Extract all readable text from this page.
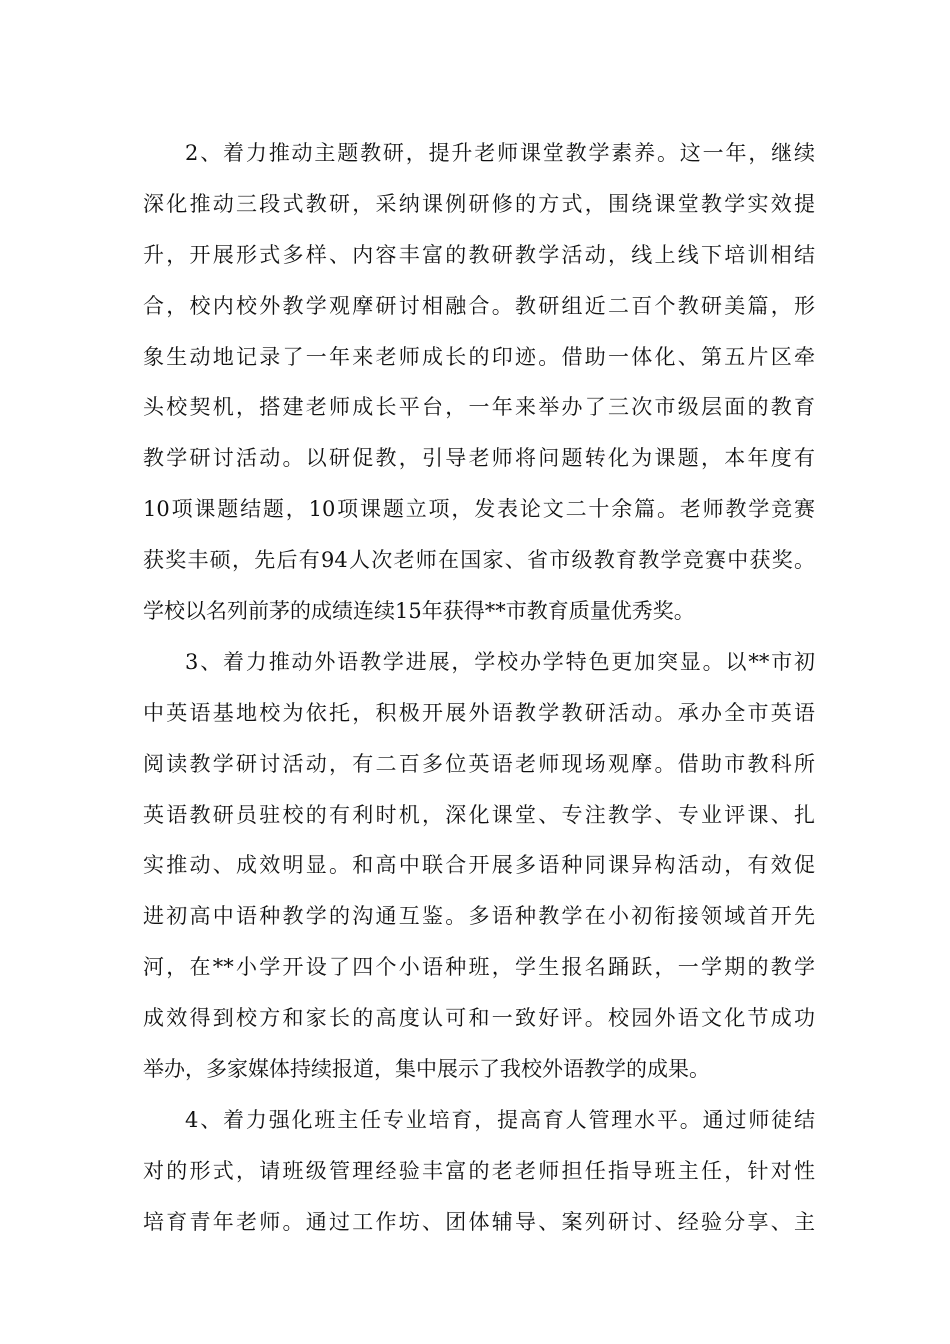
2、着力推动主题教研，提升老师课堂教学素养。这一年，继续
深化推动三段式教研，采纳课例研修的方式，围绕课堂教学实效提
升，开展形式多样、内容丰富的教研教学活动，线上线下培训相结
合，校内校外教学观摩研讨相融合。教研组近二百个教研美篇，形
象生动地记录了一年来老师成长的印迹。借助一体化、第五片区牵
头校契机，搭建老师成长平台，一年来举办了三次市级层面的教育
教学研讨活动。以研促教，引导老师将问题转化为课题，本年度有
10项课题结题，10项课题立项，发表论文二十余篇。老师教学竞赛
获奖丰硕，先后有94人次老师在国家、省市级教育教学竞赛中获奖。
学校以名列前茅的成绩连续15年获得**市教育质量优秀奖。
3、着力推动外语教学进展，学校办学特色更加突显。以**市初
中英语基地校为依托，积极开展外语教学教研活动。承办全市英语
阅读教学研讨活动，有二百多位英语老师现场观摩。借助市教科所
英语教研员驻校的有利时机，深化课堂、专注教学、专业评课、扎
实推动、成效明显。和高中联合开展多语种同课异构活动，有效促
进初高中语种教学的沟通互鉴。多语种教学在小初衔接领域首开先
河，在**小学开设了四个小语种班，学生报名踊跃，一学期的教学
成效得到校方和家长的高度认可和一致好评。校园外语文化节成功
举办，多家媒体持续报道，集中展示了我校外语教学的成果。
4、着力强化班主任专业培育，提高育人管理水平。通过师徒结
对的形式，请班级管理经验丰富的老老师担任指导班主任，针对性
培育青年老师。通过工作坊、团体辅导、案列研讨、经验分享、主
